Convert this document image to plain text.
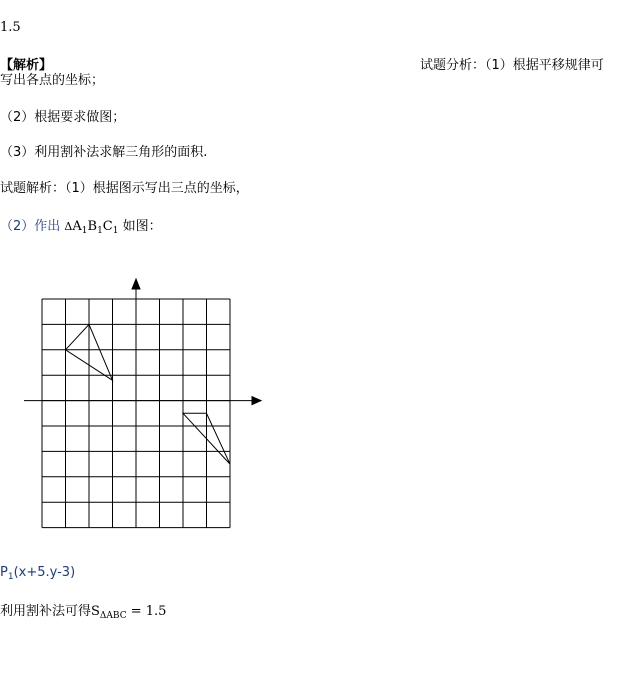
1.5
【解析】	试题分析：（1）根据平移规律可
写出各点的坐标；
（2）根据要求做图；
（3）利用割补法求解三角形的面积.
试题解析：（1）根据图示写出三点的坐标，
（2）作出 $\Delta A_1B_1C_1$ 如图：
$P_1(x+5.y-3)$
利用割补法可得$S_{\Delta ABC} = 1.5$
